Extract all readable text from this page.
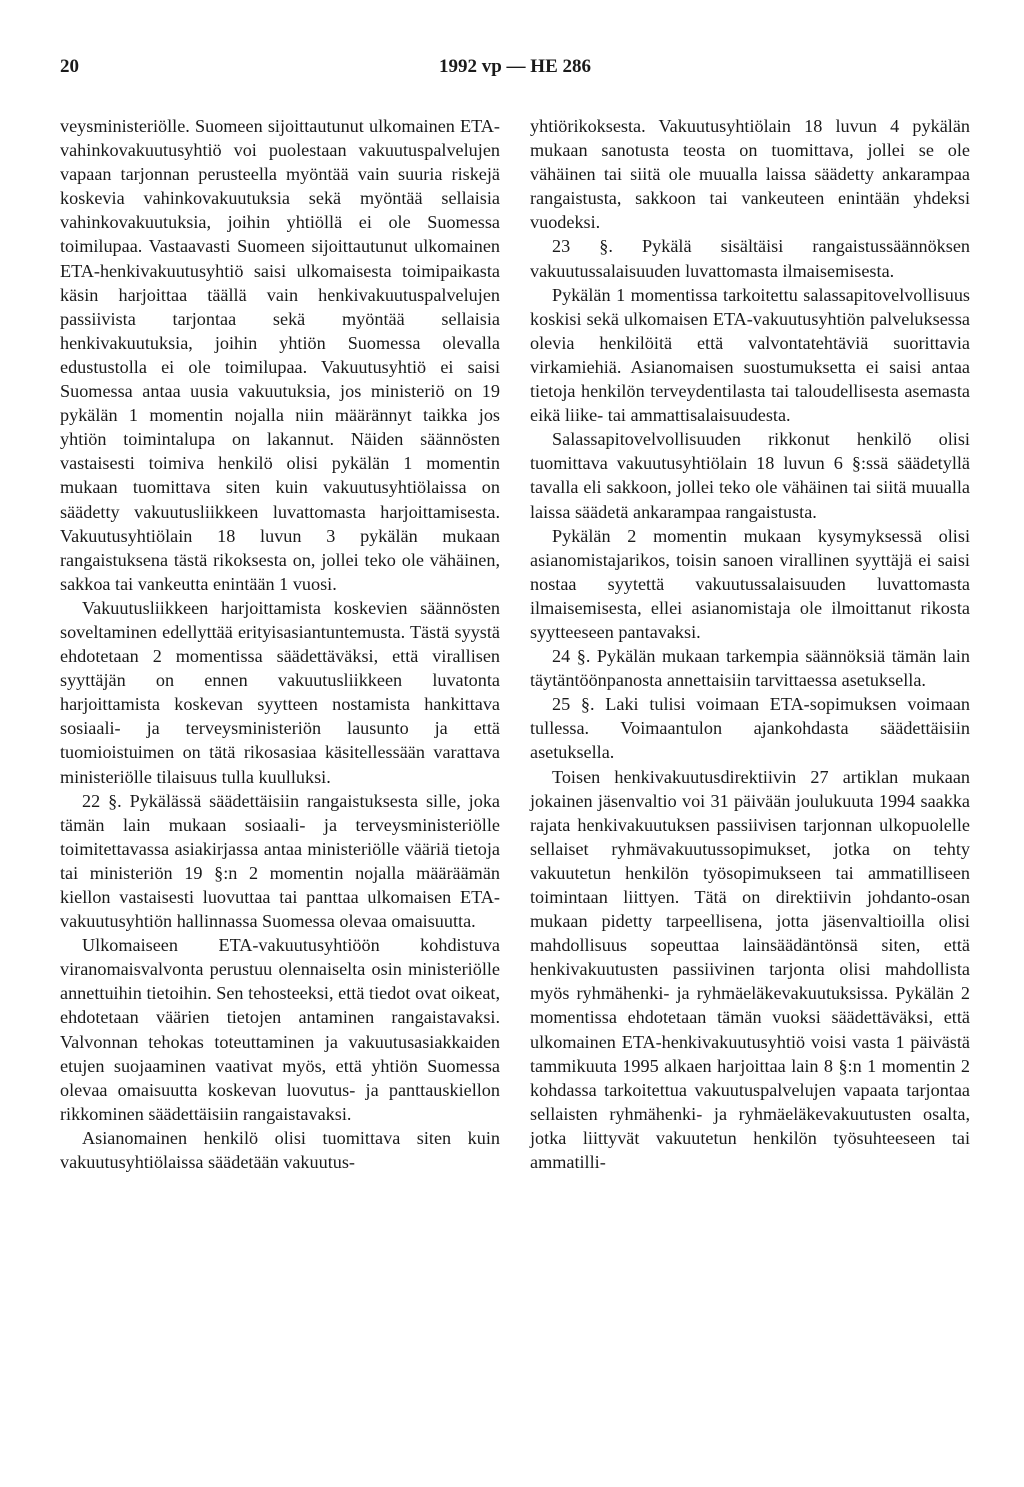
20	1992 vp — HE 286

veysministeriölle. Suomeen sijoittautunut ulkomainen ETA-vahinkovakuutusyhtiö voi puolestaan vakuutuspalvelujen vapaan tarjonnan perusteella myöntää vain suuria riskejä koskevia vahinkovakuutuksia sekä myöntää sellaisia vahinkovakuutuksia, joihin yhtiöllä ei ole Suomessa toimilupaa. Vastaavasti Suomeen sijoittautunut ulkomainen ETA-henkivakuutusyhtiö saisi ulkomaisesta toimipaikasta käsin harjoittaa täällä vain henkivakuutuspalvelujen passiivista tarjontaa sekä myöntää sellaisia henkivakuutuksia, joihin yhtiön Suomessa olevalla edustustolla ei ole toimilupaa. Vakuutusyhtiö ei saisi Suomessa antaa uusia vakuutuksia, jos ministeriö on 19 pykälän 1 momentin nojalla niin määrännyt taikka jos yhtiön toimintalupa on lakannut. Näiden säännösten vastaisesti toimiva henkilö olisi pykälän 1 momentin mukaan tuomittava siten kuin vakuutusyhtiölaissa on säädetty vakuutusliikkeen luvattomasta harjoittamisesta. Vakuutusyhtiölain 18 luvun 3 pykälän mukaan rangaistuksena tästä rikoksesta on, jollei teko ole vähäinen, sakkoa tai vankeutta enintään 1 vuosi.

Vakuutusliikkeen harjoittamista koskevien säännösten soveltaminen edellyttää erityisasiantuntemusta. Tästä syystä ehdotetaan 2 momentissa säädettäväksi, että virallisen syyttäjän on ennen vakuutusliikkeen luvatonta harjoittamista koskevan syytteen nostamista hankittava sosiaali- ja terveysministeriön lausunto ja että tuomioistuimen on tätä rikosasiaa käsitellessään varattava ministeriölle tilaisuus tulla kuulluksi.

22 §. Pykälässä säädettäisiin rangaistuksesta sille, joka tämän lain mukaan sosiaali- ja terveysministeriölle toimitettavassa asiakirjassa antaa ministeriölle vääriä tietoja tai ministeriön 19 §:n 2 momentin nojalla määräämän kiellon vastaisesti luovuttaa tai panttaa ulkomaisen ETA-vakuutusyhtiön hallinnassa Suomessa olevaa omaisuutta.

Ulkomaiseen ETA-vakuutusyhtiöön kohdistuva viranomaisvalvonta perustuu olennaiselta osin ministeriölle annettuihin tietoihin. Sen tehosteeksi, että tiedot ovat oikeat, ehdotetaan väärien tietojen antaminen rangaistavaksi. Valvonnan tehokas toteuttaminen ja vakuutusasiakkaiden etujen suojaaminen vaativat myös, että yhtiön Suomessa olevaa omaisuutta koskevan luovutus- ja panttauskiellon rikkominen säädettäisiin rangaistavaksi.

Asianomainen henkilö olisi tuomittava siten kuin vakuutusyhtiölaissa säädetään vakuutus-

yhtiörikoksesta. Vakuutusyhtiölain 18 luvun 4 pykälän mukaan sanotusta teosta on tuomittava, jollei se ole vähäinen tai siitä ole muualla laissa säädetty ankarampaa rangaistusta, sakkoon tai vankeuteen enintään yhdeksi vuodeksi.

23 §. Pykälä sisältäisi rangaistussäännöksen vakuutussalaisuuden luvattomasta ilmaisemisesta.

Pykälän 1 momentissa tarkoitettu salassapitovelvollisuus koskisi sekä ulkomaisen ETA-vakuutusyhtiön palveluksessa olevia henkilöitä että valvontatehtäviä suorittavia virkamiehiä. Asianomaisen suostumuksetta ei saisi antaa tietoja henkilön terveydentilasta tai taloudellisesta asemasta eikä liike- tai ammattisalaisuudesta.

Salassapitovelvollisuuden rikkonut henkilö olisi tuomittava vakuutusyhtiölain 18 luvun 6 §:ssä säädetyllä tavalla eli sakkoon, jollei teko ole vähäinen tai siitä muualla laissa säädetä ankarampaa rangaistusta.

Pykälän 2 momentin mukaan kysymyksessä olisi asianomistajarikos, toisin sanoen virallinen syyttäjä ei saisi nostaa syytettä vakuutussalaisuuden luvattomasta ilmaisemisesta, ellei asianomistaja ole ilmoittanut rikosta syytteeseen pantavaksi.

24 §. Pykälän mukaan tarkempia säännöksiä tämän lain täytäntöönpanosta annettaisiin tarvittaessa asetuksella.

25 §. Laki tulisi voimaan ETA-sopimuksen voimaan tullessa. Voimaantulon ajankohdasta säädettäisiin asetuksella.

Toisen henkivakuutusdirektiivin 27 artiklan mukaan jokainen jäsenvaltio voi 31 päivään joulukuuta 1994 saakka rajata henkivakuutuksen passiivisen tarjonnan ulkopuolelle sellaiset ryhmävakuutussopimukset, jotka on tehty vakuutetun henkilön työsopimukseen tai ammatilliseen toimintaan liittyen. Tätä on direktiivin johdanto-osan mukaan pidetty tarpeellisena, jotta jäsenvaltioilla olisi mahdollisuus sopeuttaa lainsäädäntönsä siten, että henkivakuutusten passiivinen tarjonta olisi mahdollista myös ryhmähenki- ja ryhmäeläkevakuutuksissa. Pykälän 2 momentissa ehdotetaan tämän vuoksi säädettäväksi, että ulkomainen ETA-henkivakuutusyhtiö voisi vasta 1 päivästä tammikuuta 1995 alkaen harjoittaa lain 8 §:n 1 momentin 2 kohdassa tarkoitettua vakuutuspalvelujen vapaata tarjontaa sellaisten ryhmähenki- ja ryhmäeläkevakuutusten osalta, jotka liittyvät vakuutetun henkilön työsuhteeseen tai ammatilli-
